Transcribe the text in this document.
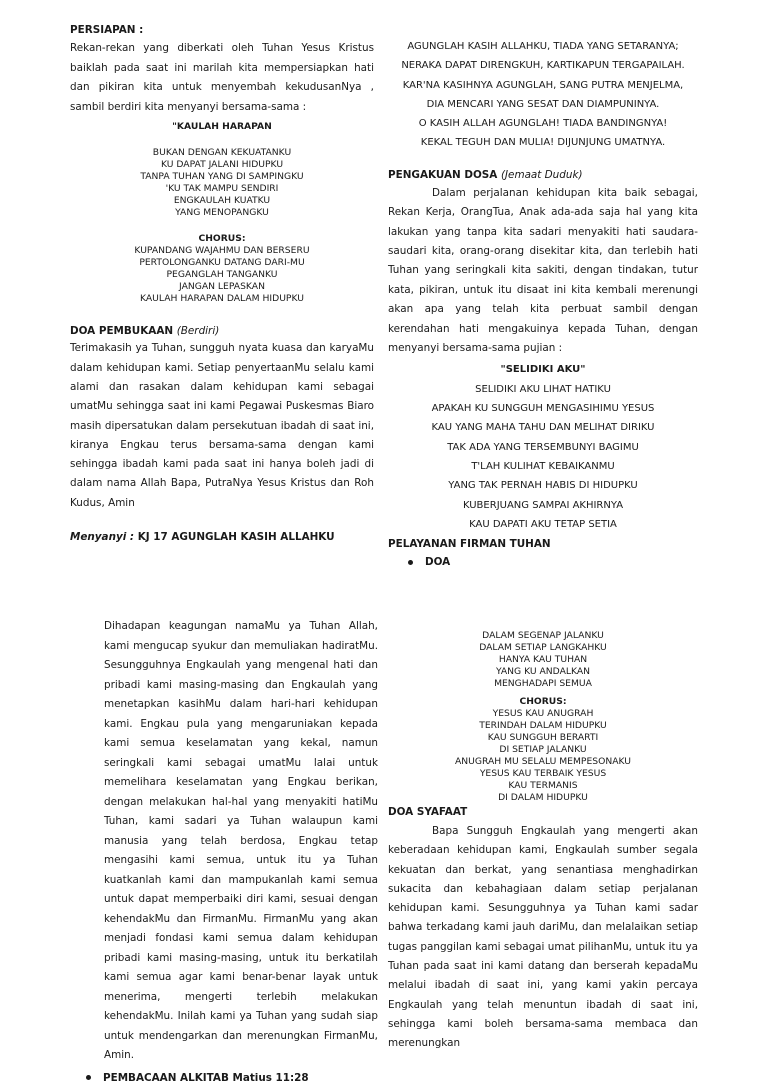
PERSIAPAN :

Rekan-rekan yang diberkati oleh Tuhan Yesus Kristus baiklah pada saat ini marilah kita mempersiapkan hati dan pikiran kita untuk menyembah kekudusanNya , sambil berdiri kita menyanyi bersama-sama :

"KAULAH HARAPAN
BUKAN DENGAN KEKUATANKU
KU DAPAT JALANI HIDUPKU
TANPA TUHAN YANG DI SAMPINGKU
'KU TAK MAMPU SENDIRI
ENGKAULAH KUATKU
YANG MENOPANGKU
CHORUS:
KUPANDANG WAJAHMU DAN BERSERU
PERTOLONGANKU DATANG DARI-MU
PEGANGLAH TANGANKU
JANGAN LEPASKAN
KAULAH HARAPAN DALAM HIDUPKU

DOA PEMBUKAAN (Berdiri)

Terimakasih ya Tuhan, sungguh nyata kuasa dan karyaMu dalam kehidupan kami. Setiap penyertaanMu selalu kami alami dan rasakan dalam kehidupan kami sebagai umatMu sehingga saat ini kami Pegawai Puskesmas Biaro masih dipersatukan dalam persekutuan ibadah di saat ini, kiranya Engkau terus bersama-sama dengan kami sehingga ibadah kami pada saat ini hanya boleh jadi di dalam nama Allah Bapa, PutraNya Yesus Kristus dan Roh Kudus, Amin

Menyanyi : KJ 17 AGUNGLAH KASIH ALLAHKU

AGUNGLAH KASIH ALLAHKU, TIADA YANG SETARANYA;
NERAKA DAPAT DIRENGKUH, KARTIKAPUN TERGAPAILAH.
KAR'NA KASIHNYA AGUNGLAH, SANG PUTRA MENJELMA,
DIA MENCARI YANG SESAT DAN DIAMPUNINYA.
O KASIH ALLAH AGUNGLAH! TIADA BANDINGNYA!
KEKAL TEGUH DAN MULIA! DIJUNJUNG UMATNYA.

PENGAKUAN DOSA (Jemaat Duduk)

Dalam perjalanan kehidupan kita baik sebagai, Rekan Kerja, OrangTua, Anak ada-ada saja hal yang kita lakukan yang tanpa kita sadari menyakiti hati saudara-saudari kita, orang-orang disekitar kita, dan terlebih hati Tuhan yang seringkali kita sakiti, dengan tindakan, tutur kata, pikiran, untuk itu disaat ini kita kembali merenungi akan apa yang telah kita perbuat sambil dengan kerendahan hati mengakuinya kepada Tuhan, dengan menyanyi bersama-sama pujian :

"SELIDIKI AKU"
SELIDIKI AKU LIHAT HATIKU
APAKAH KU SUNGGUH MENGASIHIMU YESUS
KAU YANG MAHA TAHU DAN MELIHAT DIRIKU
TAK ADA YANG TERSEMBUNYI BAGIMU
T'LAH KULIHAT KEBAIKANMU
YANG TAK PERNAH HABIS DI HIDUPKU
KUBERJUANG SAMPAI AKHIRNYA
KAU DAPATI AKU TETAP SETIA

PELAYANAN FIRMAN TUHAN

DOA

Dihadapan keagungan namaMu ya Tuhan Allah, kami mengucap syukur dan memuliakan hadiratMu. Sesungguhnya Engkaulah yang mengenal hati dan pribadi kami masing-masing dan Engkaulah yang menetapkan kasihMu dalam hari-hari kehidupan kami. Engkau pula yang mengaruniakan kepada kami semua keselamatan yang kekal, namun seringkali kami sebagai umatMu lalai untuk memelihara keselamatan yang Engkau berikan, dengan melakukan hal-hal yang menyakiti hatiMu Tuhan, kami sadari ya Tuhan walaupun kami manusia yang telah berdosa, Engkau tetap mengasihi kami semua, untuk itu ya Tuhan kuatkanlah kami dan mampukanlah kami semua untuk dapat memperbaiki diri kami, sesuai dengan kehendakMu dan FirmanMu. FirmanMu yang akan menjadi fondasi kami semua dalam kehidupan pribadi kami masing-masing, untuk itu berkatilah kami semua agar kami benar-benar layak untuk menerima, mengerti terlebih melakukan kehendakMu. Inilah kami ya Tuhan yang sudah siap untuk mendengarkan dan merenungkan FirmanMu, Amin.

PEMBACAAN ALKITAB Matius 11:28
DALAM SEGENAP JALANKU
DALAM SETIAP LANGKAHKU
HANYA KAU TUHAN
YANG KU ANDALKAN
MENGHADAPI SEMUA
CHORUS:
YESUS KAU ANUGRAH
TERINDAH DALAM HIDUPKU
KAU SUNGGUH BERARTI
DI SETIAP JALANKU
ANUGRAH MU SELALU MEMPESONAKU
YESUS KAU TERBAIK YESUS
KAU TERMANIS
DI DALAM HIDUPKU

DOA SYAFAAT

Bapa Sungguh Engkaulah yang mengerti akan keberadaan kehidupan kami, Engkaulah sumber segala kekuatan dan berkat, yang senantiasa menghadirkan sukacita dan kebahagiaan dalam setiap perjalanan kehidupan kami. Sesungguhnya ya Tuhan kami sadar bahwa terkadang kami jauh dariMu, dan melalaikan setiap tugas panggilan kami sebagai umat pilihanMu, untuk itu ya Tuhan pada saat ini kami datang dan berserah kepadaMu melalui ibadah di saat ini, yang kami yakin percaya Engkaulah yang telah menuntun ibadah di saat ini, sehingga kami boleh bersama-sama membaca dan merenungkan
